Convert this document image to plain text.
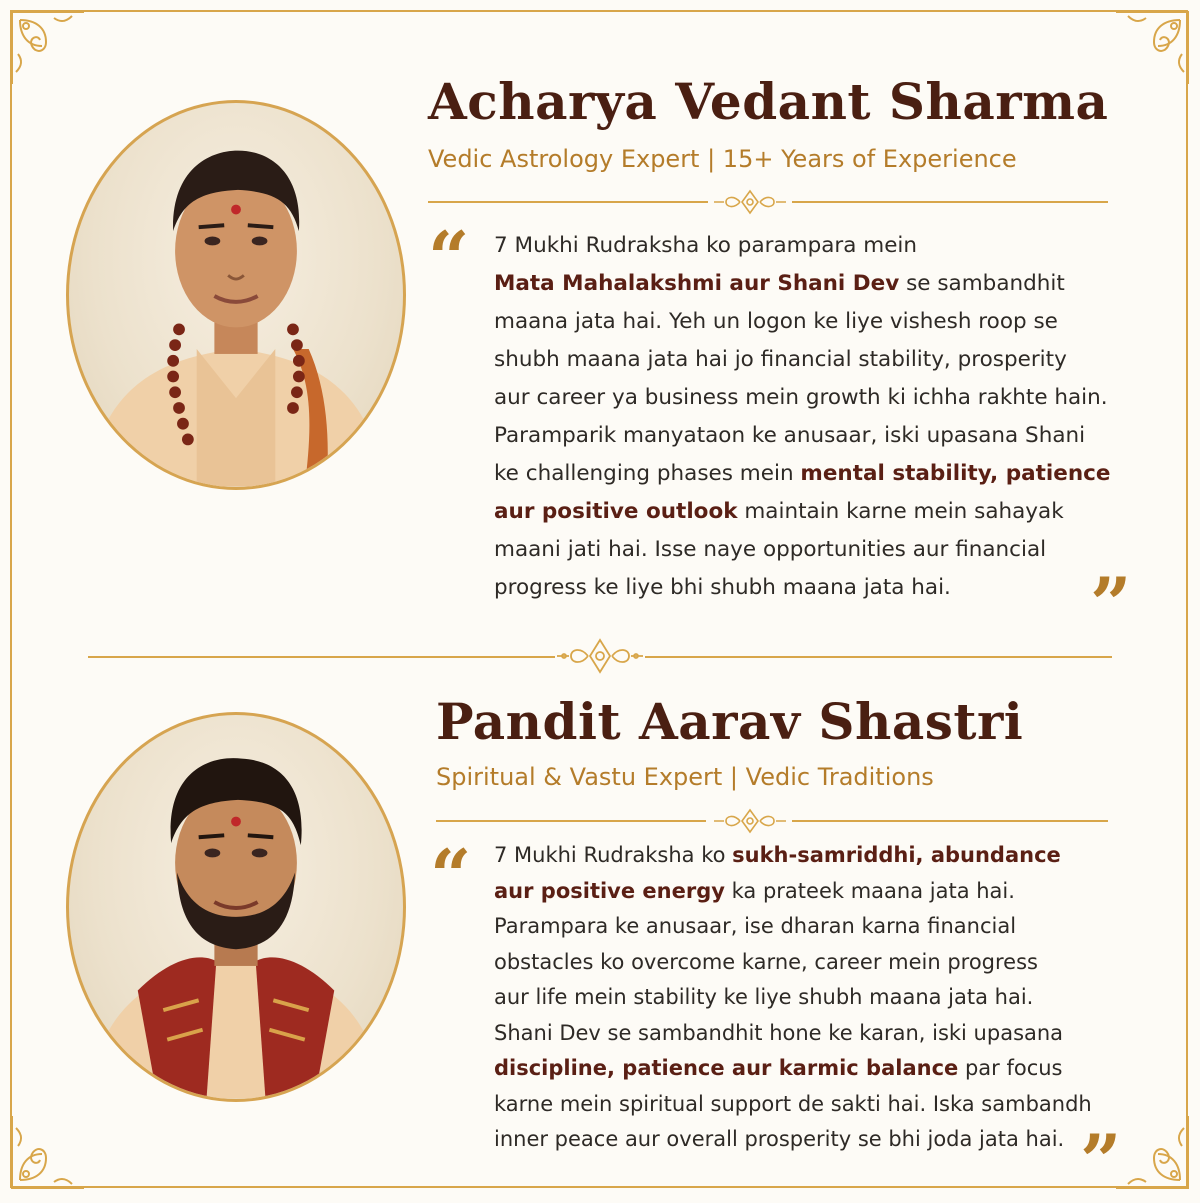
Acharya Vedant Sharma
Vedic Astrology Expert | 15+ Years of Experience
“ 7 Mukhi Rudraksha ko parampara mein
Mata Mahalakshmi aur Shani Dev se sambandhit
maana jata hai. Yeh un logon ke liye vishesh roop se
shubh maana jata hai jo financial stability, prosperity
aur career ya business mein growth ki ichha rakhte hain.
Paramparik manyataon ke anusaar, iski upasana Shani
ke challenging phases mein mental stability, patience
aur positive outlook maintain karne mein sahayak
maani jati hai. Isse naye opportunities aur financial
progress ke liye bhi shubh maana jata hai.	”
Pandit Aarav Shastri
Spiritual & Vastu Expert | Vedic Traditions
“ 7 Mukhi Rudraksha ko sukh-samriddhi, abundance
aur positive energy ka prateek maana jata hai.
Parampara ke anusaar, ise dharan karna financial
obstacles ko overcome karne, career mein progress
aur life mein stability ke liye shubh maana jata hai.
Shani Dev se sambandhit hone ke karan, iski upasana
discipline, patience aur karmic balance par focus
karne mein spiritual support de sakti hai. Iska sambandh
inner peace aur overall prosperity se bhi joda jata hai. ”
